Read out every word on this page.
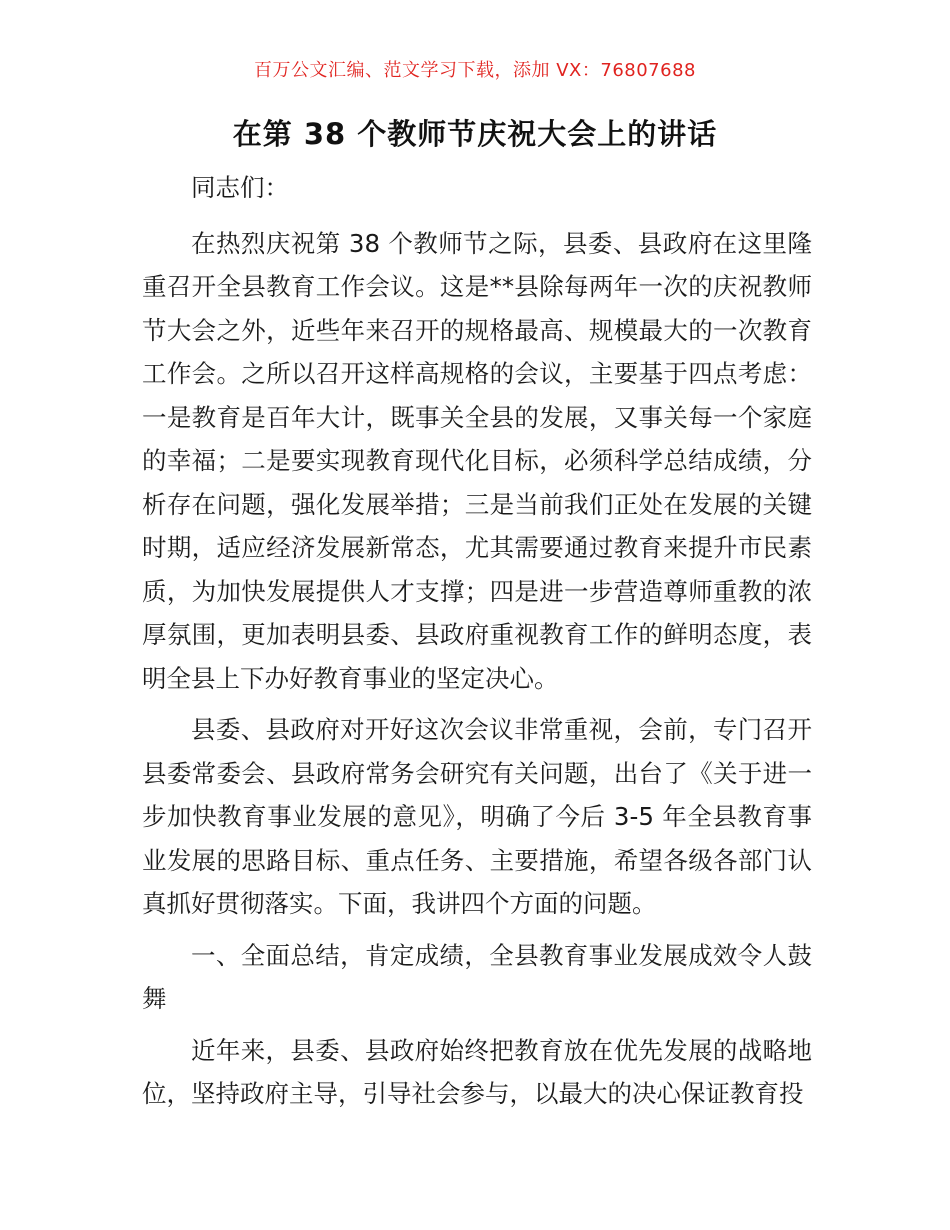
百万公文汇编、范文学习下载，添加 VX：76807688
在第 38 个教师节庆祝大会上的讲话

同志们：

在热烈庆祝第 38 个教师节之际，县委、县政府在这里隆重召开全县教育工作会议。这是**县除每两年一次的庆祝教师节大会之外，近些年来召开的规格最高、规模最大的一次教育工作会。之所以召开这样高规格的会议，主要基于四点考虑：一是教育是百年大计，既事关全县的发展，又事关每一个家庭的幸福；二是要实现教育现代化目标，必须科学总结成绩，分析存在问题，强化发展举措；三是当前我们正处在发展的关键时期，适应经济发展新常态，尤其需要通过教育来提升市民素质，为加快发展提供人才支撑；四是进一步营造尊师重教的浓厚氛围，更加表明县委、县政府重视教育工作的鲜明态度，表明全县上下办好教育事业的坚定决心。

县委、县政府对开好这次会议非常重视，会前，专门召开县委常委会、县政府常务会研究有关问题，出台了《关于进一步加快教育事业发展的意见》，明确了今后 3-5 年全县教育事业发展的思路目标、重点任务、主要措施，希望各级各部门认真抓好贯彻落实。下面，我讲四个方面的问题。

一、全面总结，肯定成绩，全县教育事业发展成效令人鼓舞

近年来，县委、县政府始终把教育放在优先发展的战略地位，坚持政府主导，引导社会参与，以最大的决心保证教育投
